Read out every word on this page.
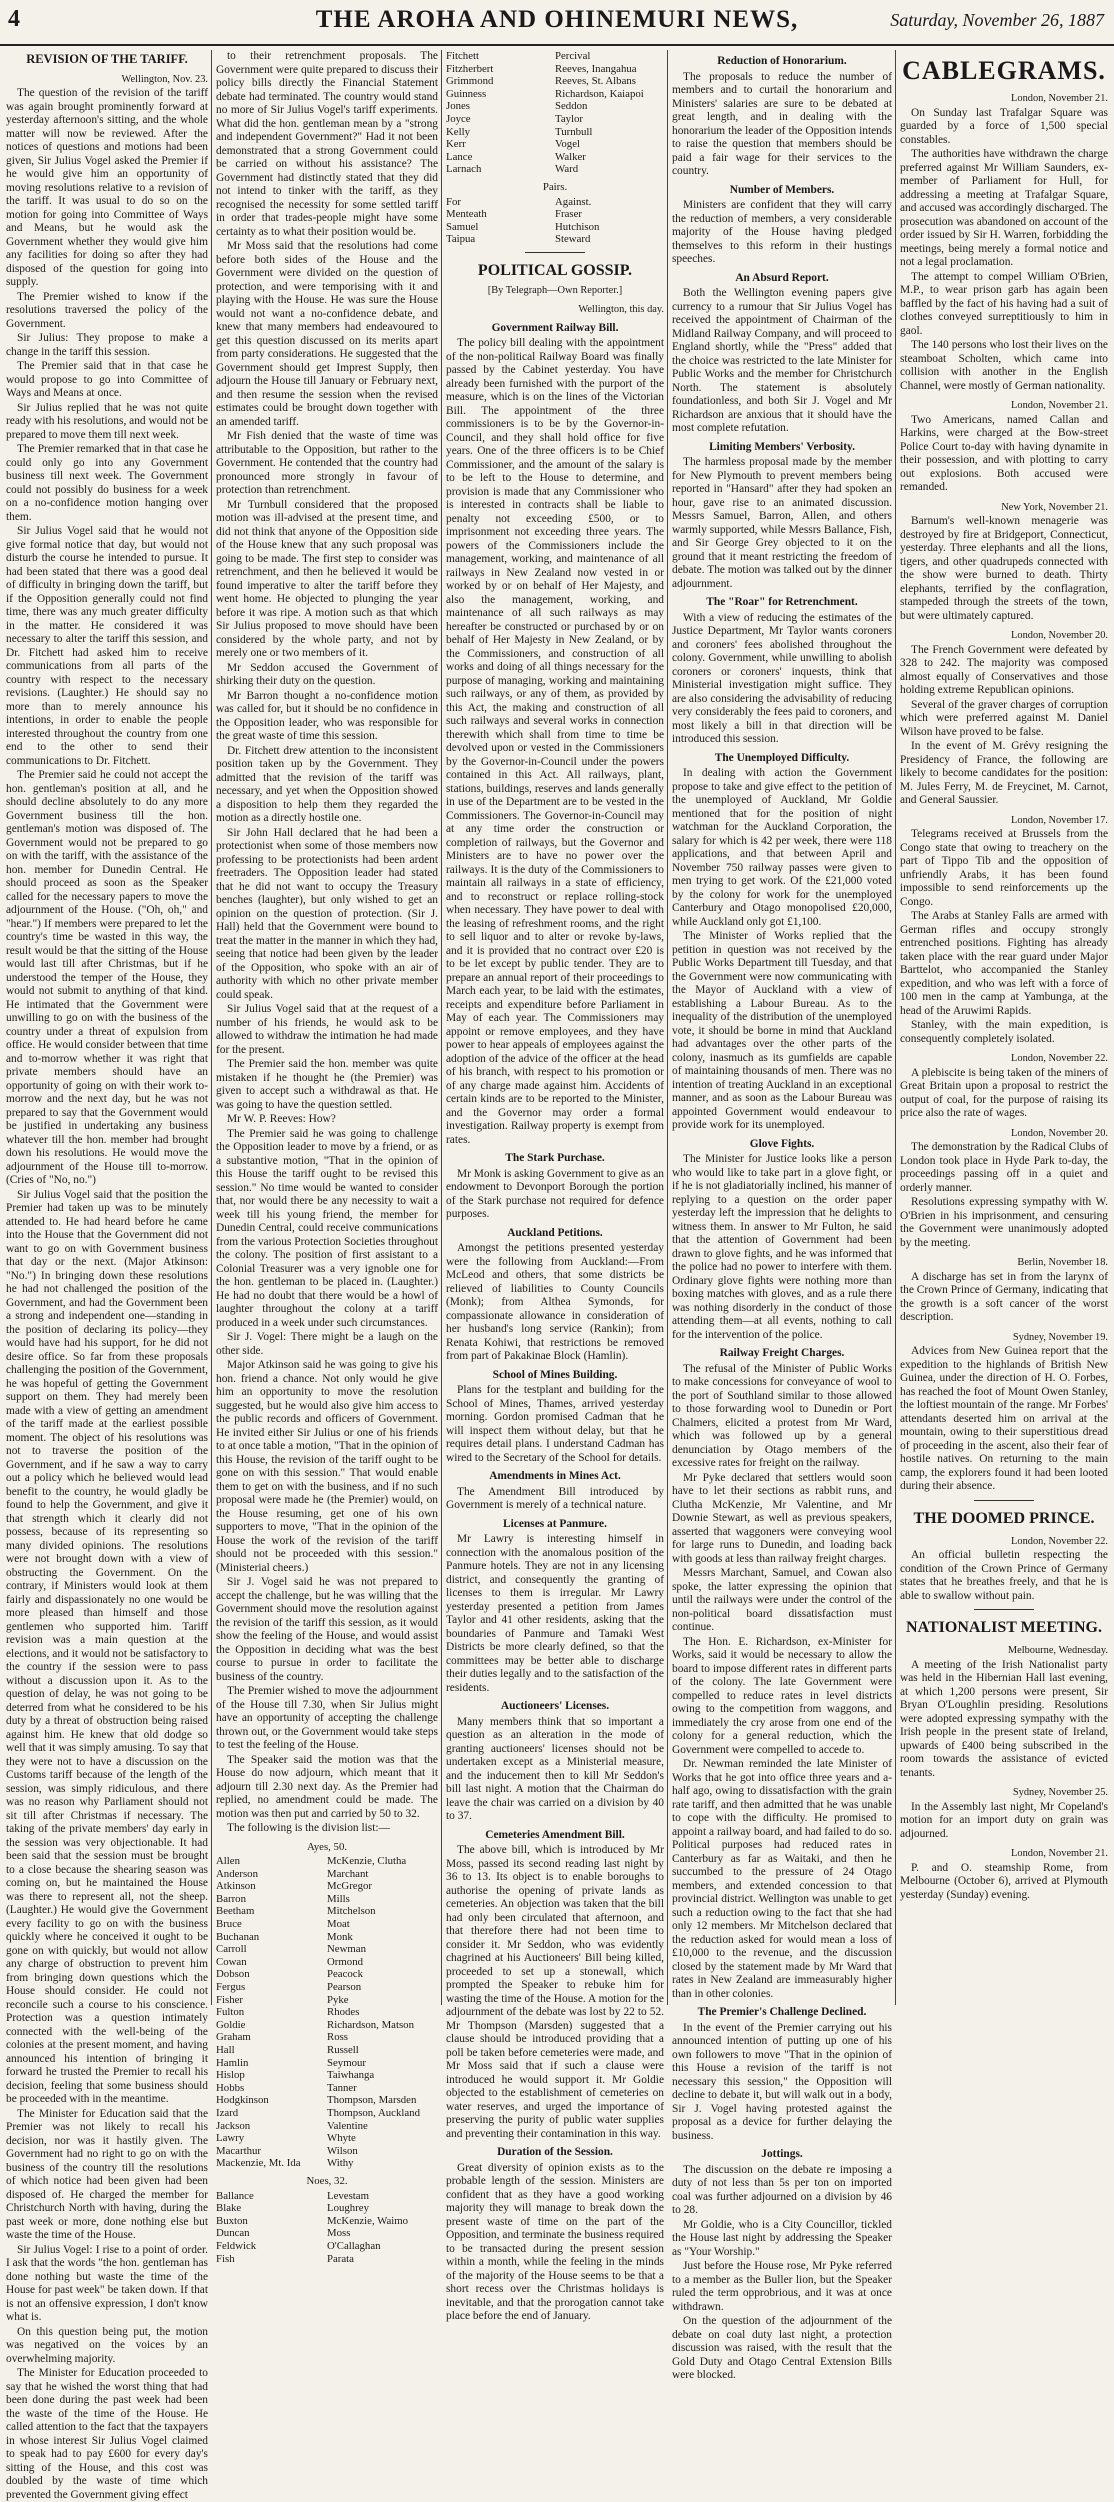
4	THE AROHA AND OHINEMURI NEWS,	Saturday, November 26, 1887
REVISION OF THE TARIFF.
Wellington, Nov. 23.

The question of the revision of the tariff was again brought prominently forward at yesterday afternoon's sitting, and the whole matter will now be reviewed. After the notices of questions and motions had been given, Sir Julius Vogel asked the Premier if he would give him an opportunity of moving resolutions relative to a revision of the tariff. It was usual to do so on the motion for going into Committee of Ways and Means, but he would ask the Government whether they would give him any facilities for doing so after they had disposed of the question for going into supply.

The Premier wished to know if the resolutions traversed the policy of the Government.

Sir Julius: They propose to make a change in the tariff this session.

The Premier said that in that case he would propose to go into Committee of Ways and Means at once.

Sir Julius replied that he was not quite ready with his resolutions, and would not be prepared to move them till next week.

The Premier remarked that in that case he could only go into any Government business till next week. The Government could not possibly do business for a week on a no-confidence motion hanging over them.

Sir Julius Vogel said that he would not give formal notice that day, but would not disturb the course he intended to pursue. It had been stated that there was a good deal of difficulty in bringing down the tariff, but if the Opposition generally could not find time, there was any much greater difficulty in the matter. He considered it was necessary to alter the tariff this session, and Dr. Fitchett had asked him to receive communications from all parts of the country with respect to the necessary revisions. (Laughter.) He should say no more than to merely announce his intentions, in order to enable the people interested throughout the country from one end to the other to send their communications to Dr. Fitchett.

The Premier said he could not accept the hon. gentleman's position at all, and he should decline absolutely to do any more Government business till the hon. gentleman's motion was disposed of. The Government would not be prepared to go on with the tariff, with the assistance of the hon. member for Dunedin Central. He should proceed as soon as the Speaker called for the necessary papers to move the adjournment of the House. ("Oh, oh," and "hear.") If members were prepared to let the country's time be wasted in this way, the result would be that the sitting of the House would last till after Christmas, but if he understood the temper of the House, they would not submit to anything of that kind. He intimated that the Government were unwilling to go on with the business of the country under a threat of expulsion from office. He would consider between that time and to-morrow whether it was right that private members should have an opportunity of going on with their work to-morrow and the next day, but he was not prepared to say that the Government would be justified in undertaking any business whatever till the hon. member had brought down his resolutions. He would move the adjournment of the House till to-morrow. (Cries of "No, no.")

Sir Julius Vogel said that the position the Premier had taken up was to be minutely attended to. He had heard before he came into the House that the Government did not want to go on with Government business that day or the next. (Major Atkinson: "No.") In bringing down these resolutions he had not challenged the position of the Government, and had the Government been a strong and independent one—standing in the position of declaring its policy—they would have had his support, for he did not desire office. So far from these proposals challenging the position of the Government, he was hopeful of getting the Government support on them. They had merely been made with a view of getting an amendment of the tariff made at the earliest possible moment. The object of his resolutions was not to traverse the position of the Government, and if he saw a way to carry out a policy which he believed would lead benefit to the country, he would gladly be found to help the Government, and give it that strength which it clearly did not possess, because of its representing so many divided opinions. The resolutions were not brought down with a view of obstructing the Government. On the contrary, if Ministers would look at them fairly and dispassionately no one would be more pleased than himself and those gentlemen who supported him. Tariff revision was a main question at the elections, and it would not be satisfactory to the country if the session were to pass without a discussion upon it. As to the question of delay, he was not going to be deterred from what he considered to be his duty by a threat of obstruction being raised against him. He knew that old dodge so well that it was simply amusing. To say that they were not to have a discussion on the Customs tariff because of the length of the session, was simply ridiculous, and there was no reason why Parliament should not sit till after Christmas if necessary. The taking of the private members' day early in the session was very objectionable. It had been said that the session must be brought to a close because the shearing season was coming on, but he maintained the House was there to represent all, not the sheep. (Laughter.) He would give the Government every facility to go on with the business quickly where he conceived it ought to be gone on with quickly, but would not allow any charge of obstruction to prevent him from bringing down questions which the House should consider. He could not reconcile such a course to his conscience. Protection was a question intimately connected with the well-being of the colonies at the present moment, and having announced his intention of bringing it forward he trusted the Premier to recall his decision, feeling that some business should be proceeded with in the meantime.

The Minister for Education said that the Premier was not likely to recall his decision, nor was it hastily given. The Government had no right to go on with the business of the country till the resolutions of which notice had been given had been disposed of. He charged the member for Christchurch North with having, during the past week or more, done nothing else but waste the time of the House.

Sir Julius Vogel: I rise to a point of order. I ask that the words "the hon. gentleman has done nothing but waste the time of the House for past week" be taken down. If that is not an offensive expression, I don't know what is.

On this question being put, the motion was negatived on the voices by an overwhelming majority.

The Minister for Education proceeded to say that he wished the worst thing that had been done during the past week had been the waste of the time of the House. He called attention to the fact that the taxpayers in whose interest Sir Julius Vogel claimed to speak had to pay £600 for every day's sitting of the House, and this cost was doubled by the waste of time which prevented the Government giving effect

to their retrenchment proposals. The Government were quite prepared to discuss their policy bills directly the Financial Statement debate had terminated. The country would stand no more of Sir Julius Vogel's tariff experiments. What did the hon. gentleman mean by a "strong and independent Government?" Had it not been demonstrated that a strong Government could be carried on without his assistance? The Government had distinctly stated that they did not intend to tinker with the tariff, as they recognised the necessity for some settled tariff in order that trades-people might have some certainty as to what their position would be.

Mr Moss said that the resolutions had come before both sides of the House and the Government were divided on the question of protection, and were temporising with it and playing with the House. He was sure the House would not want a no-confidence debate, and knew that many members had endeavoured to get this question discussed on its merits apart from party considerations. He suggested that the Government should get Imprest Supply, then adjourn the House till January or February next, and then resume the session when the revised estimates could be brought down together with an amended tariff.

Mr Fish denied that the waste of time was attributable to the Opposition, but rather to the Government. He contended that the country had pronounced more strongly in favour of protection than retrenchment.

Mr Turnbull considered that the proposed motion was ill-advised at the present time, and did not think that anyone of the Opposition side of the House knew that any such proposal was going to be made. The first step to consider was retrenchment, and then he believed it would be found imperative to alter the tariff before they went home. He objected to plunging the year before it was ripe. A motion such as that which Sir Julius proposed to move should have been considered by the whole party, and not by merely one or two members of it.

Mr Seddon accused the Government of shirking their duty on the question.

Mr Barron thought a no-confidence motion was called for, but it should be no confidence in the Opposition leader, who was responsible for the great waste of time this session.

Dr. Fitchett drew attention to the inconsistent position taken up by the Government. They admitted that the revision of the tariff was necessary, and yet when the Opposition showed a disposition to help them they regarded the motion as a directly hostile one.

Sir John Hall declared that he had been a protectionist when some of those members now professing to be protectionists had been ardent freetraders. The Opposition leader had stated that he did not want to occupy the Treasury benches (laughter), but only wished to get an opinion on the question of protection. (Sir J. Hall) held that the Government were bound to treat the matter in the manner in which they had, seeing that notice had been given by the leader of the Opposition, who spoke with an air of authority with which no other private member could speak.

Sir Julius Vogel said that at the request of a number of his friends, he would ask to be allowed to withdraw the intimation he had made for the present.

The Premier said the hon. member was quite mistaken if he thought he (the Premier) was given to accept such a withdrawal as that. He was going to have the question settled.

Mr W. P. Reeves: How?

The Premier said he was going to challenge the Opposition leader to move by a friend, or as a substantive motion, "That in the opinion of this House the tariff ought to be revised this session." No time would be wanted to consider that, nor would there be any necessity to wait a week till his young friend, the member for Dunedin Central, could receive communications from the various Protection Societies throughout the colony. The position of first assistant to a Colonial Treasurer was a very ignoble one for the hon. gentleman to be placed in. (Laughter.) He had no doubt that there would be a howl of laughter throughout the colony at a tariff produced in a week under such circumstances.

Sir J. Vogel: There might be a laugh on the other side.

Major Atkinson said he was going to give his hon. friend a chance. Not only would he give him an opportunity to move the resolution suggested, but he would also give him access to the public records and officers of Government. He invited either Sir Julius or one of his friends to at once table a motion, "That in the opinion of this House, the revision of the tariff ought to be gone on with this session." That would enable them to get on with the business, and if no such proposal were made he (the Premier) would, on the House resuming, get one of his own supporters to move, "That in the opinion of the House the work of the revision of the tariff should not be proceeded with this session." (Ministerial cheers.)

Sir J. Vogel said he was not prepared to accept the challenge, but he was willing that the Government should move the resolution against the revision of the tariff this session, as it would show the feeling of the House, and would assist the Opposition in deciding what was the best course to pursue in order to facilitate the business of the country.

The Premier wished to move the adjournment of the House till 7.30, when Sir Julius might have an opportunity of accepting the challenge thrown out, or the Government would take steps to test the feeling of the House.

The Speaker said the motion was that the House do now adjourn, which meant that it adjourn till 2.30 next day. As the Premier had replied, no amendment could be made. The motion was then put and carried by 50 to 32.

The following is the division list:—

Ayes, 50.
Allen	McKenzie, Clutha
Anderson	Marchant
Atkinson	McGregor
Barron	Mills
Beetham	Mitchelson
Bruce	Moat
Buchanan	Monk
Carroll	Newman
Cowan	Ormond
Dobson	Peacock
Fergus	Pearson
Fisher	Pyke
Fulton	Rhodes
Goldie	Richardson, Matson
Graham	Ross
Hall	Russell
Hamlin	Seymour
Hislop	Taiwhanga
Hobbs	Tanner
Hodgkinson	Thompson, Marsden
Izard	Thompson, Auckland
Jackson	Valentine
Lawry	Whyte
Macarthur	Wilson
Mackenzie, Mt. Ida	Withy
Noes, 32.
Ballance	Levestam
Blake	Loughrey
Buxton	McKenzie, Waimo
Duncan	Moss
Feldwick	O'Callaghan
Fish	Parata
Fitchett	Percival
Fitzherbert	Reeves, Inangahua
Grimmond	Reeves, St. Albans
Guinness	Richardson, Kaiapoi
Jones	Seddon
Joyce	Taylor
Kelly	Turnbull
Kerr	Vogel
Lance	Walker
Larnach	Ward
Pairs.
For	Against.
Menteath	Fraser
Samuel	Hutchison
Taipua	Steward
POLITICAL GOSSIP.
[By Telegraph—Own Reporter.]
Wellington, this day.
Government Railway Bill.

The policy bill dealing with the appointment of the non-political Railway Board was finally passed by the Cabinet yesterday. You have already been furnished with the purport of the measure, which is on the lines of the Victorian Bill. The appointment of the three commissioners is to be by the Governor-in-Council, and they shall hold office for five years. One of the three officers is to be Chief Commissioner, and the amount of the salary is to be left to the House to determine, and provision is made that any Commissioner who is interested in contracts shall be liable to penalty not exceeding £500, or to imprisonment not exceeding three years. The powers of the Commissioners include the management, working, and maintenance of all railways in New Zealand now vested in or worked by or on behalf of Her Majesty, and also the management, working, and maintenance of all such railways as may hereafter be constructed or purchased by or on behalf of Her Majesty in New Zealand, or by the Commissioners, and construction of all works and doing of all things necessary for the purpose of managing, working and maintaining such railways, or any of them, as provided by this Act, the making and construction of all such railways and several works in connection therewith which shall from time to time be devolved upon or vested in the Commissioners by the Governor-in-Council under the powers contained in this Act. All railways, plant, stations, buildings, reserves and lands generally in use of the Department are to be vested in the Commissioners. The Governor-in-Council may at any time order the construction or completion of railways, but the Governor and Ministers are to have no power over the railways. It is the duty of the Commissioners to maintain all railways in a state of efficiency, and to reconstruct or replace rolling-stock when necessary. They have power to deal with the leasing of refreshment rooms, and the right to sell liquor and to alter or revoke by-laws, and it is provided that no contract over £20 is to be let except by public tender. They are to prepare an annual report of their proceedings to March each year, to be laid with the estimates, receipts and expenditure before Parliament in May of each year. The Commissioners may appoint or remove employees, and they have power to hear appeals of employees against the adoption of the advice of the officer at the head of his branch, with respect to his promotion or of any charge made against him. Accidents of certain kinds are to be reported to the Minister, and the Governor may order a formal investigation. Railway property is exempt from rates.

The Stark Purchase.

Mr Monk is asking Government to give as an endowment to Devonport Borough the portion of the Stark purchase not required for defence purposes.

Auckland Petitions.

Amongst the petitions presented yesterday were the following from Auckland:—From McLeod and others, that some districts be relieved of liabilities to County Councils (Monk); from Althea Symonds, for compassionate allowance in consideration of her husband's long service (Rankin); from Renata Kohiwi, that restrictions be removed from part of Pakakinae Block (Hamlin).

School of Mines Building.

Plans for the testplant and building for the School of Mines, Thames, arrived yesterday morning. Gordon promised Cadman that he will inspect them without delay, but that he requires detail plans. I understand Cadman has wired to the Secretary of the School for details.

Amendments in Mines Act.

The Amendment Bill introduced by Government is merely of a technical nature.

Licenses at Panmure.

Mr Lawry is interesting himself in connection with the anomalous position of the Panmure hotels. They are not in any licensing district, and consequently the granting of licenses to them is irregular. Mr Lawry yesterday presented a petition from James Taylor and 41 other residents, asking that the boundaries of Panmure and Tamaki West Districts be more clearly defined, so that the committees may be better able to discharge their duties legally and to the satisfaction of the residents.

Auctioneers' Licenses.

Many members think that so important a question as an alteration in the mode of granting auctioneers' licenses should not be undertaken except as a Ministerial measure, and the inducement then to kill Mr Seddon's bill last night. A motion that the Chairman do leave the chair was carried on a division by 40 to 37.

Cemeteries Amendment Bill.

The above bill, which is introduced by Mr Moss, passed its second reading last night by 36 to 13. Its object is to enable boroughs to authorise the opening of private lands as cemeteries. An objection was taken that the bill had only been circulated that afternoon, and that therefore there had not been time to consider it. Mr Seddon, who was evidently chagrined at his Auctioneers' Bill being killed, proceeded to set up a stonewall, which prompted the Speaker to rebuke him for wasting the time of the House. A motion for the adjournment of the debate was lost by 22 to 52. Mr Thompson (Marsden) suggested that a clause should be introduced providing that a poll be taken before cemeteries were made, and Mr Moss said that if such a clause were introduced he would support it. Mr Goldie objected to the establishment of cemeteries on water reserves, and urged the importance of preserving the purity of public water supplies and preventing their contamination in this way.

Duration of the Session.

Great diversity of opinion exists as to the probable length of the session. Ministers are confident that as they have a good working majority they will manage to break down the present waste of time on the part of the Opposition, and terminate the business required to be transacted during the present session within a month, while the feeling in the minds of the majority of the House seems to be that a short recess over the Christmas holidays is inevitable, and that the prorogation cannot take place before the end of January.

Reduction of Honorarium.

The proposals to reduce the number of members and to curtail the honorarium and Ministers' salaries are sure to be debated at great length, and in dealing with the honorarium the leader of the Opposition intends to raise the question that members should be paid a fair wage for their services to the country.

Number of Members.

Ministers are confident that they will carry the reduction of members, a very considerable majority of the House having pledged themselves to this reform in their hustings speeches.

An Absurd Report.

Both the Wellington evening papers give currency to a rumour that Sir Julius Vogel has received the appointment of Chairman of the Midland Railway Company, and will proceed to England shortly, while the "Press" added that the choice was restricted to the late Minister for Public Works and the member for Christchurch North. The statement is absolutely foundationless, and both Sir J. Vogel and Mr Richardson are anxious that it should have the most complete refutation.

Limiting Members' Verbosity.

The harmless proposal made by the member for New Plymouth to prevent members being reported in "Hansard" after they had spoken an hour, gave rise to an animated discussion. Messrs Samuel, Barron, Allen, and others warmly supported, while Messrs Ballance, Fish, and Sir George Grey objected to it on the ground that it meant restricting the freedom of debate. The motion was talked out by the dinner adjournment.

The "Roar" for Retrenchment.

With a view of reducing the estimates of the Justice Department, Mr Taylor wants coroners and coroners' fees abolished throughout the colony. Government, while unwilling to abolish coroners or coroners' inquests, think that Ministerial investigation might suffice. They are also considering the advisability of reducing very considerably the fees paid to coroners, and most likely a bill in that direction will be introduced this session.

The Unemployed Difficulty.

In dealing with action the Government propose to take and give effect to the petition of the unemployed of Auckland, Mr Goldie mentioned that for the position of night watchman for the Auckland Corporation, the salary for which is 42 per week, there were 118 applications, and that between April and November 750 railway passes were given to men trying to get work. Of the £21,000 voted by the colony for work for the unemployed Canterbury and Otago monopolised £20,000, while Auckland only got £1,100.

The Minister of Works replied that the petition in question was not received by the Public Works Department till Tuesday, and that the Government were now communicating with the Mayor of Auckland with a view of establishing a Labour Bureau. As to the inequality of the distribution of the unemployed vote, it should be borne in mind that Auckland had advantages over the other parts of the colony, inasmuch as its gumfields are capable of maintaining thousands of men. There was no intention of treating Auckland in an exceptional manner, and as soon as the Labour Bureau was appointed Government would endeavour to provide work for its unemployed.

Glove Fights.

The Minister for Justice looks like a person who would like to take part in a glove fight, or if he is not gladiatorially inclined, his manner of replying to a question on the order paper yesterday left the impression that he delights to witness them. In answer to Mr Fulton, he said that the attention of Government had been drawn to glove fights, and he was informed that the police had no power to interfere with them. Ordinary glove fights were nothing more than boxing matches with gloves, and as a rule there was nothing disorderly in the conduct of those attending them—at all events, nothing to call for the intervention of the police.

Railway Freight Charges.

The refusal of the Minister of Public Works to make concessions for conveyance of wool to the port of Southland similar to those allowed to those forwarding wool to Dunedin or Port Chalmers, elicited a protest from Mr Ward, which was followed up by a general denunciation by Otago members of the excessive rates for freight on the railway.

Mr Pyke declared that settlers would soon have to let their sections as rabbit runs, and Clutha McKenzie, Mr Valentine, and Mr Downie Stewart, as well as previous speakers, asserted that waggoners were conveying wool for large runs to Dunedin, and loading back with goods at less than railway freight charges.

Messrs Marchant, Samuel, and Cowan also spoke, the latter expressing the opinion that until the railways were under the control of the non-political board dissatisfaction must continue.

The Hon. E. Richardson, ex-Minister for Works, said it would be necessary to allow the board to impose different rates in different parts of the colony. The late Government were compelled to reduce rates in level districts owing to the competition from waggons, and immediately the cry arose from one end of the colony for a general reduction, which the Government were compelled to accede to.

Dr. Newman reminded the late Minister of Works that he got into office three years and a-half ago, owing to dissatisfaction with the grain rate tariff, and then admitted that he was unable to cope with the difficulty. He promised to appoint a railway board, and had failed to do so. Political purposes had reduced rates in Canterbury as far as Waitaki, and then he succumbed to the pressure of 24 Otago members, and extended concession to that provincial district. Wellington was unable to get such a reduction owing to the fact that she had only 12 members. Mr Mitchelson declared that the reduction asked for would mean a loss of £10,000 to the revenue, and the discussion closed by the statement made by Mr Ward that rates in New Zealand are immeasurably higher than in other colonies.

The Premier's Challenge Declined.

In the event of the Premier carrying out his announced intention of putting up one of his own followers to move "That in the opinion of this House a revision of the tariff is not necessary this session," the Opposition will decline to debate it, but will walk out in a body, Sir J. Vogel having protested against the proposal as a device for further delaying the business.

Jottings.

The discussion on the debate re imposing a duty of not less than 5s per ton on imported coal was further adjourned on a division by 46 to 28.

Mr Goldie, who is a City Councillor, tickled the House last night by addressing the Speaker as "Your Worship."

Just before the House rose, Mr Pyke referred to a member as the Buller lion, but the Speaker ruled the term opprobrious, and it was at once withdrawn.

On the question of the adjournment of the debate on coal duty last night, a protection discussion was raised, with the result that the Gold Duty and Otago Central Extension Bills were blocked.

CABLEGRAMS.
London, November 21.

On Sunday last Trafalgar Square was guarded by a force of 1,500 special constables.

The authorities have withdrawn the charge preferred against Mr William Saunders, ex-member of Parliament for Hull, for addressing a meeting at Trafalgar Square, and accused was accordingly discharged. The prosecution was abandoned on account of the order issued by Sir H. Warren, forbidding the meetings, being merely a formal notice and not a legal proclamation.

The attempt to compel William O'Brien, M.P., to wear prison garb has again been baffled by the fact of his having had a suit of clothes conveyed surreptitiously to him in gaol.

The 140 persons who lost their lives on the steamboat Scholten, which came into collision with another in the English Channel, were mostly of German nationality.

London, November 21.

Two Americans, named Callan and Harkins, were charged at the Bow-street Police Court to-day with having dynamite in their possession, and with plotting to carry out explosions. Both accused were remanded.

New York, November 21.

Barnum's well-known menagerie was destroyed by fire at Bridgeport, Connecticut, yesterday. Three elephants and all the lions, tigers, and other quadrupeds connected with the show were burned to death. Thirty elephants, terrified by the conflagration, stampeded through the streets of the town, but were ultimately captured.

London, November 20.

The French Government were defeated by 328 to 242. The majority was composed almost equally of Conservatives and those holding extreme Republican opinions.

Several of the graver charges of corruption which were preferred against M. Daniel Wilson have proved to be false.

In the event of M. Grévy resigning the Presidency of France, the following are likely to become candidates for the position: M. Jules Ferry, M. de Freycinet, M. Carnot, and General Saussier.

London, November 17.

Telegrams received at Brussels from the Congo state that owing to treachery on the part of Tippo Tib and the opposition of unfriendly Arabs, it has been found impossible to send reinforcements up the Congo.

The Arabs at Stanley Falls are armed with German rifles and occupy strongly entrenched positions. Fighting has already taken place with the rear guard under Major Barttelot, who accompanied the Stanley expedition, and who was left with a force of 100 men in the camp at Yambunga, at the head of the Aruwimi Rapids.

Stanley, with the main expedition, is consequently completely isolated.

London, November 22.

A plebiscite is being taken of the miners of Great Britain upon a proposal to restrict the output of coal, for the purpose of raising its price also the rate of wages.

London, November 20.

The demonstration by the Radical Clubs of London took place in Hyde Park to-day, the proceedings passing off in a quiet and orderly manner.

Resolutions expressing sympathy with W. O'Brien in his imprisonment, and censuring the Government were unanimously adopted by the meeting.

Berlin, November 18.

A discharge has set in from the larynx of the Crown Prince of Germany, indicating that the growth is a soft cancer of the worst description.

Sydney, November 19.

Advices from New Guinea report that the expedition to the highlands of British New Guinea, under the direction of H. O. Forbes, has reached the foot of Mount Owen Stanley, the loftiest mountain of the range. Mr Forbes' attendants deserted him on arrival at the mountain, owing to their superstitious dread of proceeding in the ascent, also their fear of hostile natives. On returning to the main camp, the explorers found it had been looted during their absence.

THE DOOMED PRINCE.
London, November 22.

An official bulletin respecting the condition of the Crown Prince of Germany states that he breathes freely, and that he is able to swallow without pain.

NATIONALIST MEETING.
Melbourne, Wednesday.

A meeting of the Irish Nationalist party was held in the Hibernian Hall last evening, at which 1,200 persons were present, Sir Bryan O'Loughlin presiding. Resolutions were adopted expressing sympathy with the Irish people in the present state of Ireland, upwards of £400 being subscribed in the room towards the assistance of evicted tenants.

Sydney, November 25.

In the Assembly last night, Mr Copeland's motion for an import duty on grain was adjourned.

London, November 21.

P. and O. steamship Rome, from Melbourne (October 6), arrived at Plymouth yesterday (Sunday) evening.
